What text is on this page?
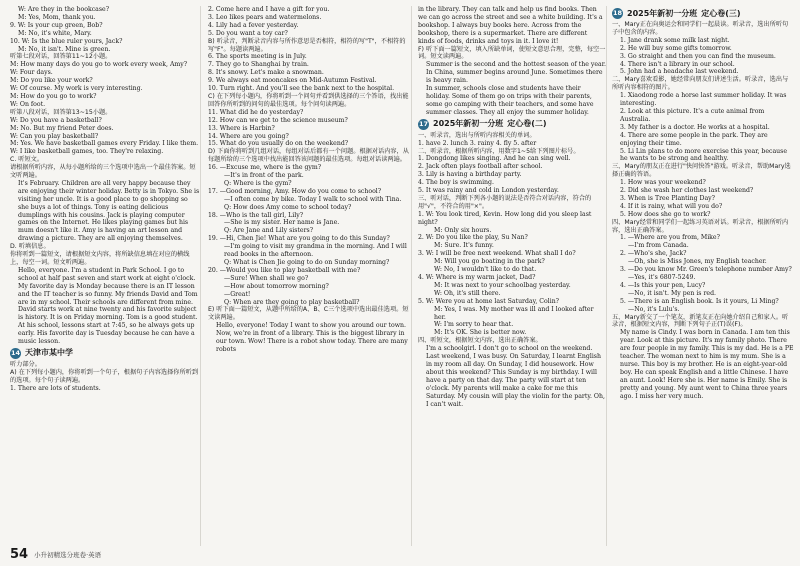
W: Are they in the bookcase?
M: Yes, Mom, thank you.
9. W: Is your cup green, Bob?
M: No, it's white, Mary.
10. W: Is the blue ruler yours, Jack?
M: No, it isn't. Mine is green.
听第七段对话，回答第11~12小题。
M: How many days do you go to work every week, Amy?
W: Four days.
M: Do you like your work?
W: Of course. My work is very interesting.
M: How do you go to work?
W: On foot.
听第八段对话，回答第13~15小题。
W: Do you have a basketball?
M: No. But my friend Peter does.
W: Can you play basketball?
M: Yes. We have basketball games every Friday. I like them.
W: I like basketball games, too. They're relaxing.
C. 听短文。
请根据所听内容，从每小题所给的三个选项中选出一个最佳答案。短文听两遍。
It's February. Children are all very happy because they are enjoying their winter holiday. Betty is in Tokyo. She is visiting her uncle. It is a good place to go shopping so she buys a lot of things. Tony is eating delicious dumplings with his cousins. Jack is playing computer games on the Internet. He likes playing games but his mum doesn't like it. Amy is having an art lesson and drawing a picture. They are all enjoying themselves.
D. 听填信息。
你将听到一篇短文，请根据短文内容，将所缺信息填在对应的横线上，每空一词。短文听两遍。
Hello, everyone. I'm a student in Park School. I go to school at half past seven and start work at eight o'clock. My favorite day is Monday because there is an IT lesson and the IT teacher is so funny. My friends David and Tom are in my school. Their schools are different from mine. David starts work at nine twenty and his favorite subject is history. It is on Friday morning. Tom is a good student. At his school, lessons start at 7:45, so he always gets up early. His favorite day is Tuesday because he can have a music lesson.
14 天津市某中学
听力部分。
A) 在下列每小题内，你将听到一个句子，根据句子内容选择你所听到的选项。每个句子读两遍。
1. There are lots of students.
2. Come here and I have a gift for you.
3. Leo likes pears and watermelons.
4. Lily had a fever yesterday.
5. Do you want a toy car?
B) 听录音，判断录音内容与所作意思是否相符，相符的写"T"，不相符的写"F"。每题读两遍。
6. The sports meeting is in July.
7. They go to Shanghai by train.
8. It's snowy. Let's make a snowman.
9. We always eat mooncakes on Mid-Autumn Festival.
10. Turn right. And you'll see the bank next to the hospital.
C) 在下列每小题内，你将听到一个问句并看到供选择的三个答语，找出能回答你所听到的问句的最佳选项。每个问句读两遍。
11. What did he do yesterday?
12. How can we get to the science museum?
13. Where is Harbin?
14. Where are you going?
15. What do you usually do on the weekend?
D) 下面你将听到几组对话，每组对话后都有一个问题。根据对话内容，从每题所给的三个选项中找出能回答该问题的最佳选项。每组对话读两遍。
16. —Excuse me, where is the gym?
—It's in front of the park.
Q: Where is the gym?
17. —Good morning, Amy. How do you come to school?
—I often come by bike. Today I walk to school with Tina.
Q: How does Amy come to school today?
18. —Who is the tall girl, Lily?
—She is my sister. Her name is Jane.
Q: Are Jane and Lily sisters?
19. —Hi, Chen Jie! What are you going to do this Sunday?
—I'm going to visit my grandma in the morning. And I will read books in the afternoon.
Q: What is Chen Jie going to do on Sunday morning?
20. —Would you like to play basketball with me?
—Sure! When shall we go?
—How about tomorrow morning?
—Great!
Q: When are they going to play basketball?
E) 听下面一篇短文，从题中所给的A、B、C三个选项中选出最佳选项。短文读两遍。
Hello, everyone! Today I want to show you around our town. Now, we're in front of a library. This is the biggest library in our town. Wow! There is a robot show today. There are many robots
in the library. They can talk and help us find books. Then we can go across the street and see a white building. It's a bookshop. I always buy books here. Across from the bookshop, there is a supermarket. There are different kinds of foods, drinks and toys in it. I love it!
F) 听下面一篇短文，填入所缺单词，使短文意思合理，完整，每空一词。短文读两遍。
Summer is the second and the hottest season of the year. In China, summer begins around June. Sometimes there is heavy rain.
In summer, schools close and students have their holiday. Some of them go on trips with their parents, some go camping with their teachers, and some have summer classes. They all enjoy the summer holiday.
17 2025年新初一分班 定心卷(二)
一、听录音，选出与所听内容相关的单词。
1. have 2. lunch 3. rainy 4. fly 5. after
二、听录音，根据所听内容，用数字1~5给下列图片标号。
1. Dongdong likes singing. And he can sing well.
2. Jack often plays football after school.
3. Lily is having a birthday party.
4. The boy is swimming.
5. It was rainy and cold in London yesterday.
三、听对话，判断下列各小题的说法是否符合对话内容，符合的用"√"，不符合的用"×"。
1. W: You look tired, Kevin. How long did you sleep last night?
M: Only six hours.
2. W: Do you like the play, Su Nan?
M: Sure. It's funny.
3. W: I will be free next weekend. What shall I do?
M: Will you go boating in the park?
W: No, I wouldn't like to do that.
4. W: Where is my warm jacket, Dad?
M: It was next to your schoolbag yesterday.
W: Oh, it's still there.
5. W: Were you at home last Saturday, Colin?
M: Yes, I was. My mother was ill and I looked after her.
W: I'm sorry to hear that.
M: It's OK. She is better now.
四、听短文，根据短文内容，选出正确答案。
I'm a schoolgirl. I don't go to school on the weekend. Last weekend, I was busy. On Saturday, I learnt English in my room all day. On Sunday, I did housework. How about this weekend? This Sunday is my birthday. I will have a party on that day. The party will start at ten o'clock. My parents will make a cake for me this Saturday. My cousin will play the violin for the party. Oh, I can't wait.
18 2025年新初一分班 定心卷(三)
一、Mary正在向奥运会和同学们一起晨读。听录音，选出所听句子中包含的内容。
1. Jane drank some milk last night.
2. He will buy some gifts tomorrow.
3. Go straight and then you can find the museum.
4. There isn't a library in our school.
5. John had a headache last weekend.
二、Mary喜欢看影，她经常向朋友们讲述生活。听录音，选出与所听内容相符的图片。
1. Xiaodong rode a horse last summer holiday. It was interesting.
2. Look at this picture. It's a cute animal from Australia.
3. My father is a doctor. He works at a hospital.
4. There are some people in the park. They are enjoying their time.
5. Li Lin plans to do more exercise this year, because he wants to be strong and healthy.
三、Mary的朋友正在进行"快问快答"游戏。听录音，帮助Mary选择正确的答语。
1. How was your weekend?
2. Did she wash her clothes last weekend?
3. When is Tree Planting Day?
4. If it is rainy, what will you do?
5. How does she go to work?
四、Mary经常和同学们一起练习英语对话。听录音，根据所听内容，选出正确答案。
1. —Where are you from, Mike?
—I'm from Canada.
2. —Who's she, Jack?
—Oh, she is Miss Jones, my English teacher.
3. —Do you know Mr. Green's telephone number Amy?
—Yes, it's 6807-5249.
4. —Is this your pen, Lucy?
—No, it isn't. My pen is red.
5. —There is an English book. Is it yours, Li Ming?
—No, it's Lulu's.
五、Mary新交了一个笔友，新笔友正在向她介绍自己和家人。听录音，根据短文内容，判断下列句子正(T)误(F)。
My name is Cindy. I was born in Canada. I am ten this year. Look at this picture. It's my family photo. There are four people in my family. This is my dad. He is a PE teacher. The woman next to him is my mum. She is a nurse. This boy is my brother. He is an eight-year-old boy. He can speak English and a little Chinese. I have an aunt. Look! Here she is. Her name is Emily. She is pretty and young. My aunt went to China three years ago. I miss her very much.
54 小升初精选分班卷·英语
